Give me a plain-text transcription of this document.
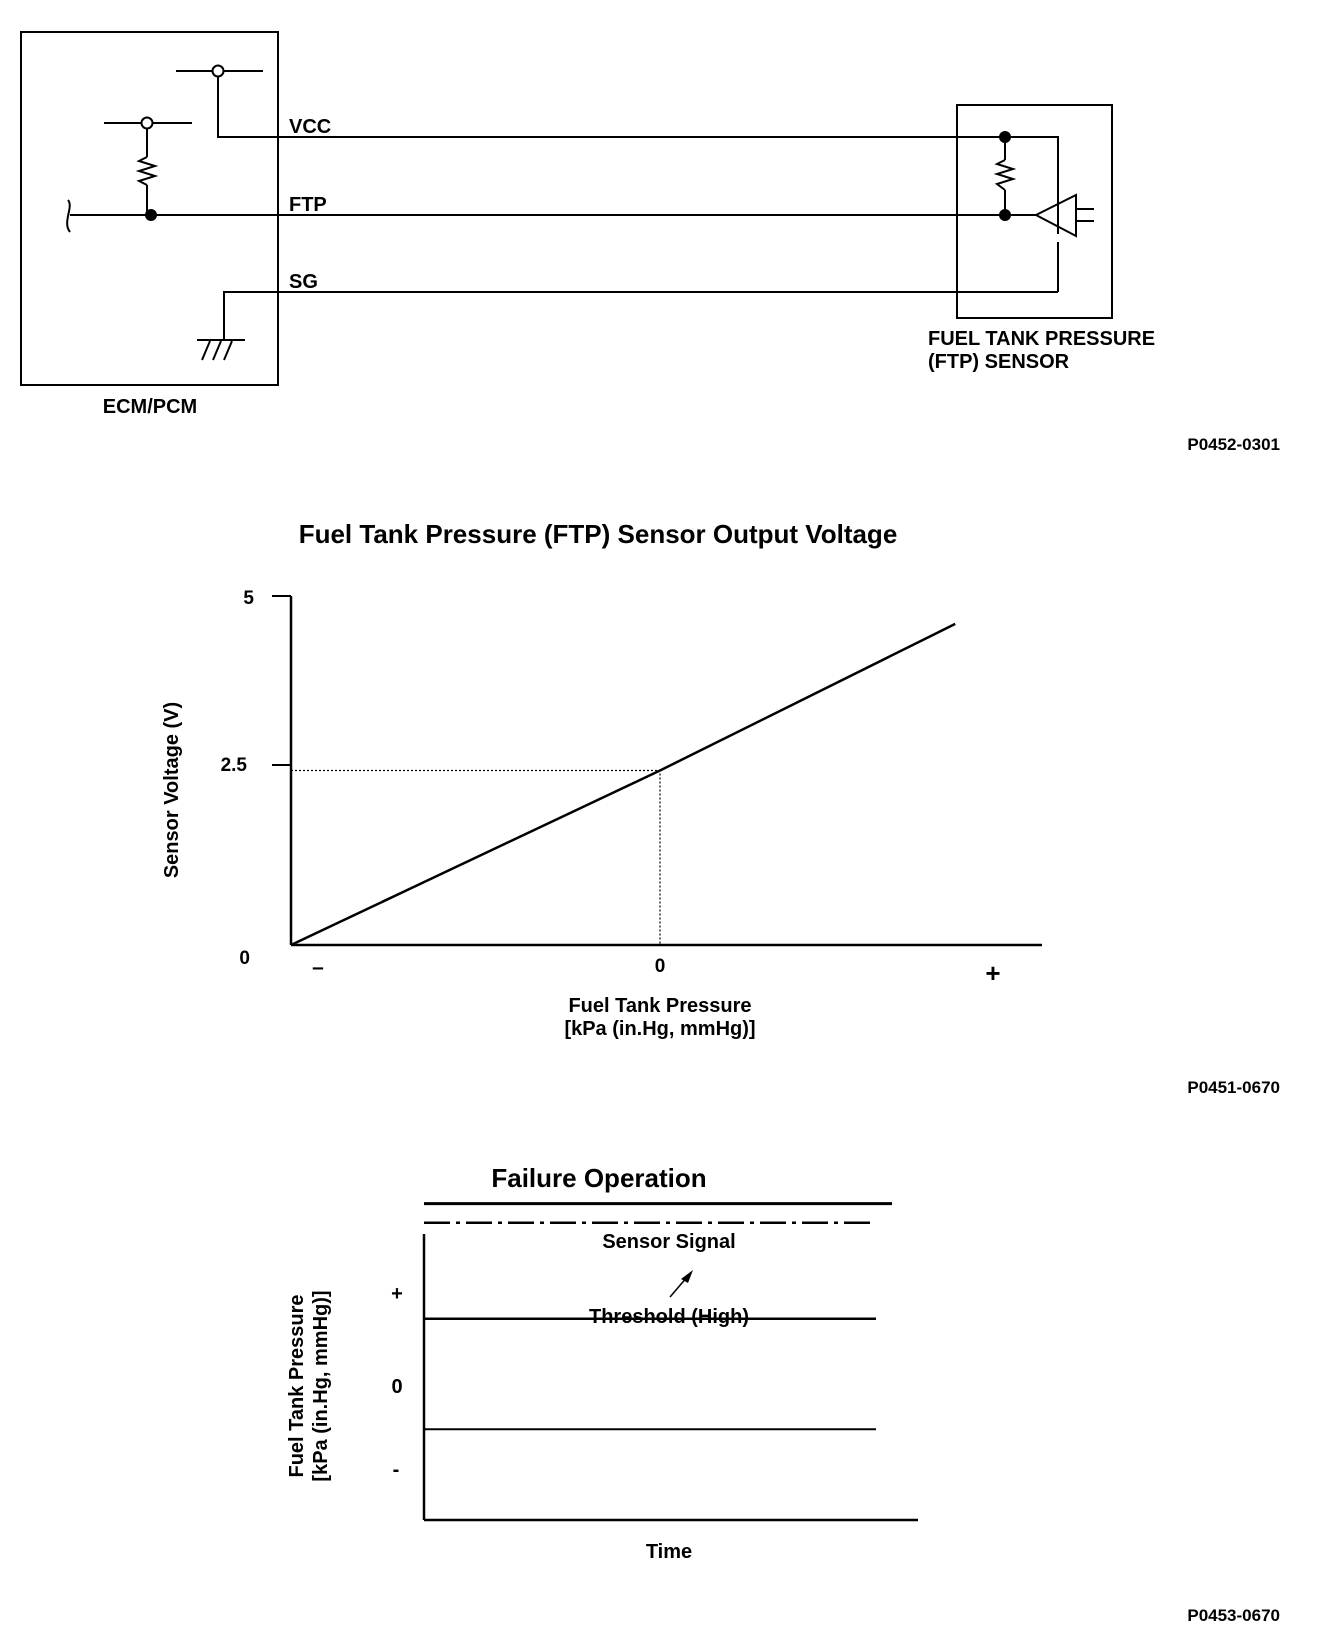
VCC
FTP
SG
ECM/PCM
FUEL TANK PRESSURE
(FTP) SENSOR
P0452-0301
Fuel Tank Pressure (FTP) Sensor Output Voltage
5
2.5
0	–	0	+
Fuel Tank Pressure
[kPa (in.Hg, mmHg)]
Sensor Voltage (V)
P0451-0670
Failure Operation
Sensor Signal
Threshold (High)
+
0
-
Fuel Tank Pressure [kPa (in.Hg, mmHg)]
Time
P0453-0670
